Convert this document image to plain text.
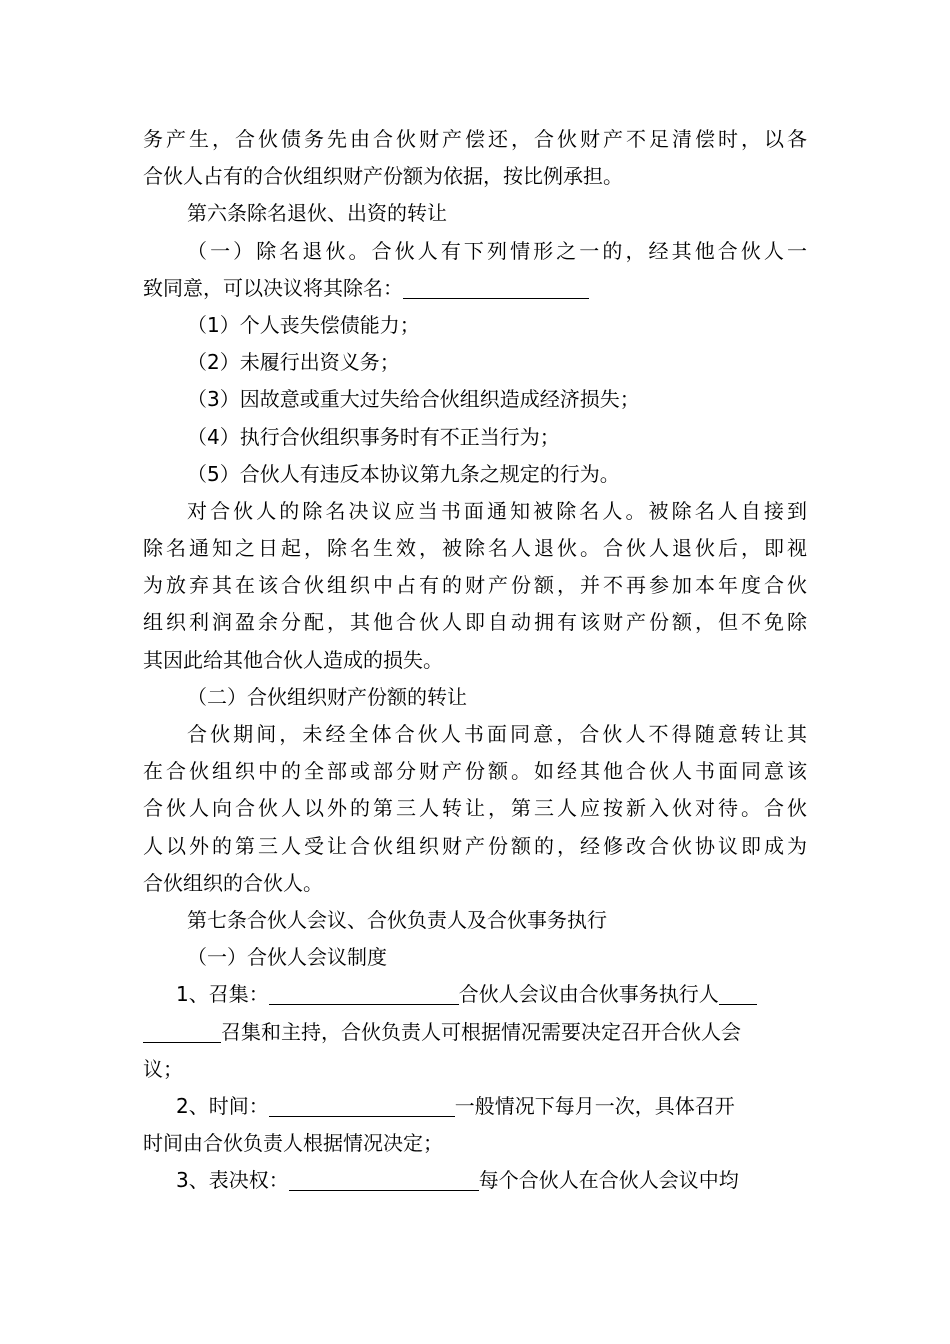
务产生，合伙债务先由合伙财产偿还，合伙财产不足清偿时，以各
合伙人占有的合伙组织财产份额为依据，按比例承担。
第六条除名退伙、出资的转让
（一）除名退伙。合伙人有下列情形之一的，经其他合伙人一
致同意，可以决议将其除名：
（1）个人丧失偿债能力；
（2）未履行出资义务；
（3）因故意或重大过失给合伙组织造成经济损失；
（4）执行合伙组织事务时有不正当行为；
（5）合伙人有违反本协议第九条之规定的行为。
对合伙人的除名决议应当书面通知被除名人。被除名人自接到
除名通知之日起，除名生效，被除名人退伙。合伙人退伙后，即视
为放弃其在该合伙组织中占有的财产份额，并不再参加本年度合伙
组织利润盈余分配，其他合伙人即自动拥有该财产份额，但不免除
其因此给其他合伙人造成的损失。
（二）合伙组织财产份额的转让
合伙期间，未经全体合伙人书面同意，合伙人不得随意转让其
在合伙组织中的全部或部分财产份额。如经其他合伙人书面同意该
合伙人向合伙人以外的第三人转让，第三人应按新入伙对待。合伙
人以外的第三人受让合伙组织财产份额的，经修改合伙协议即成为
合伙组织的合伙人。
第七条合伙人会议、合伙负责人及合伙事务执行
（一）合伙人会议制度
1、召集：	合伙人会议由合伙事务执行人
召集和主持，合伙负责人可根据情况需要决定召开合伙人会
议；
2、时间：	一般情况下每月一次，具体召开
时间由合伙负责人根据情况决定；
3、表决权：	每个合伙人在合伙人会议中均
